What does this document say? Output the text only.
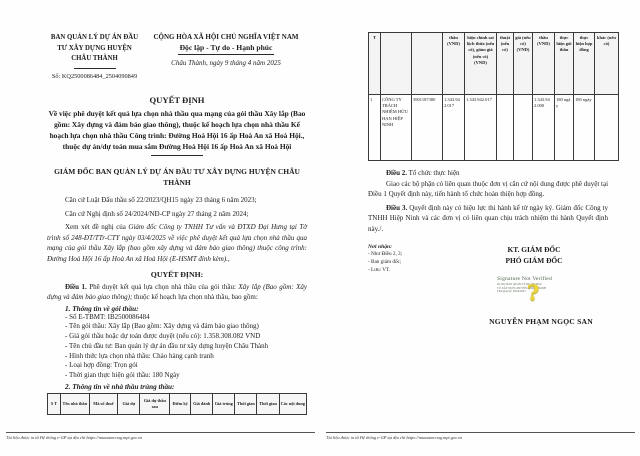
BAN QUẢN LÝ DỰ ÁN ĐẦU
TƯ XÂY DỰNG HUYỆN
CHÂU THÀNH
Số: KQ2500086484_2504090849
CỘNG HÒA XÃ HỘI CHỦ NGHĨA VIỆT NAM
Độc lập - Tự do - Hạnh phúc
Châu Thành, ngày 9 tháng 4 năm 2025
QUYẾT ĐỊNH
Về việc phê duyệt kết quả lựa chọn nhà thầu qua mạng của gói thầu Xây lắp (Bao gồm: Xây dựng và đảm bảo giao thông), thuộc kế hoạch lựa chọn nhà thầu Kế hoạch lựa chọn nhà thầu Công trình: Đường Hoà Hội 16 ấp Hoà An xã Hoà Hội., thuộc dự án/dự toán mua sắm Đường Hoà Hội 16 ấp Hoà An xã Hoà Hội
GIÁM ĐỐC BAN QUẢN LÝ DỰ ÁN ĐẦU TƯ XÂY DỰNG HUYỆN CHÂU THÀNH
Căn cứ Luật Đấu thầu số 22/2023/QH15 ngày 23 tháng 6 năm 2023;
Căn cứ Nghị định số 24/2024/NĐ-CP ngày 27 tháng 2 năm 2024;
Xem xét đề nghị của Giám đốc Công ty TNHH Tư vấn và ĐTXD Đại Hưng tại Tờ trình số 248-ĐT/TTr-CTY ngày 03/4/2025 về việc phê duyệt kết quả lựa chọn nhà thầu qua mạng của gói thầu Xây lắp (bao gồm xây dựng và đảm bảo giao thông) thuộc công trình: Đường Hoà Hội 16 ấp Hoà An xã Hoà Hội (E-HSMT đính kèm).,
QUYẾT ĐỊNH:
Điều 1. Phê duyệt kết quả lựa chọn nhà thầu của gói thầu: Xây lắp (Bao gồm: Xây dựng và đảm bảo giao thông); thuộc kế hoạch lựa chọn nhà thầu, bao gồm:
1. Thông tin về gói thầu:
- Số E-TBMT: IB2500086484
- Tên gói thầu: Xây lắp (Bao gồm: Xây dựng và đảm bảo giao thông)
- Giá gói thầu hoặc dự toán được duyệt (nếu có): 1.358.308.082 VND
- Tên chủ đầu tư: Ban quản lý dự án đầu tư xây dựng huyện Châu Thành
- Hình thức lựa chọn nhà thầu: Chào hàng cạnh tranh
- Loại hợp đồng: Trọn gói
- Thời gian thực hiện gói thầu: 180 Ngày
2. Thông tin về nhà thầu trúng thầu:
S T	Tên nhà thầu	Mã số thuế	Giá dự	Giá dự thầu sau	Điểm kỹ	Giá đánh	Giá trúng	Thời gian	Thời gian	Các nội dung
Tài liệu được in từ Hệ thống e-GP tại địa chỉ https://muasamcong.mpi.gov.vn
T			thầu (VND)	hiệu chỉnh sai lệch thừa (nếu có), giảm giá (nếu có) (VND)	thuật (nếu có)	giá (nếu có) (VND)	thầu (VND)	thực hiện gói thầu	thực hiện hợp đồng	khác (nếu có)
1	CÔNG TY TRÁCH NHIỆM HỮU HẠN HIỆP NINH	3901187380	1.343.942.017	1.343.942.017			1.343.942.000	180 ngày	180 ngày	
Điều 2. Tổ chức thực hiện
Giao các bộ phận có liên quan thuộc đơn vị căn cứ nội dung được phê duyệt tại Điều 1 Quyết định này, tiến hành tổ chức hoàn thiện hợp đồng.
Điều 3. Quyết định này có hiệu lực thi hành kể từ ngày ký. Giám đốc Công ty TNHH Hiệp Ninh và các đơn vị có liên quan chịu trách nhiệm thi hành Quyết định này./.
Nơi nhận:
- Như Điều 2, 3;
- Ban giám đốc;
- Lưu: VT.
KT. GIÁM ĐỐC
PHÓ GIÁM ĐỐC
Signature Not Verified
Ký bởi: BAN QUẢN LÝ DỰ ÁN ĐẦU
TƯ XÂY DỰNG HUYỆN CHÂU THÀNH
Thời gian ký: 09/04/2025 ?
NGUYỄN PHẠM NGỌC SAN
Tài liệu được in từ Hệ thống e-GP tại địa chỉ https://muasamcong.mpi.gov.vn
